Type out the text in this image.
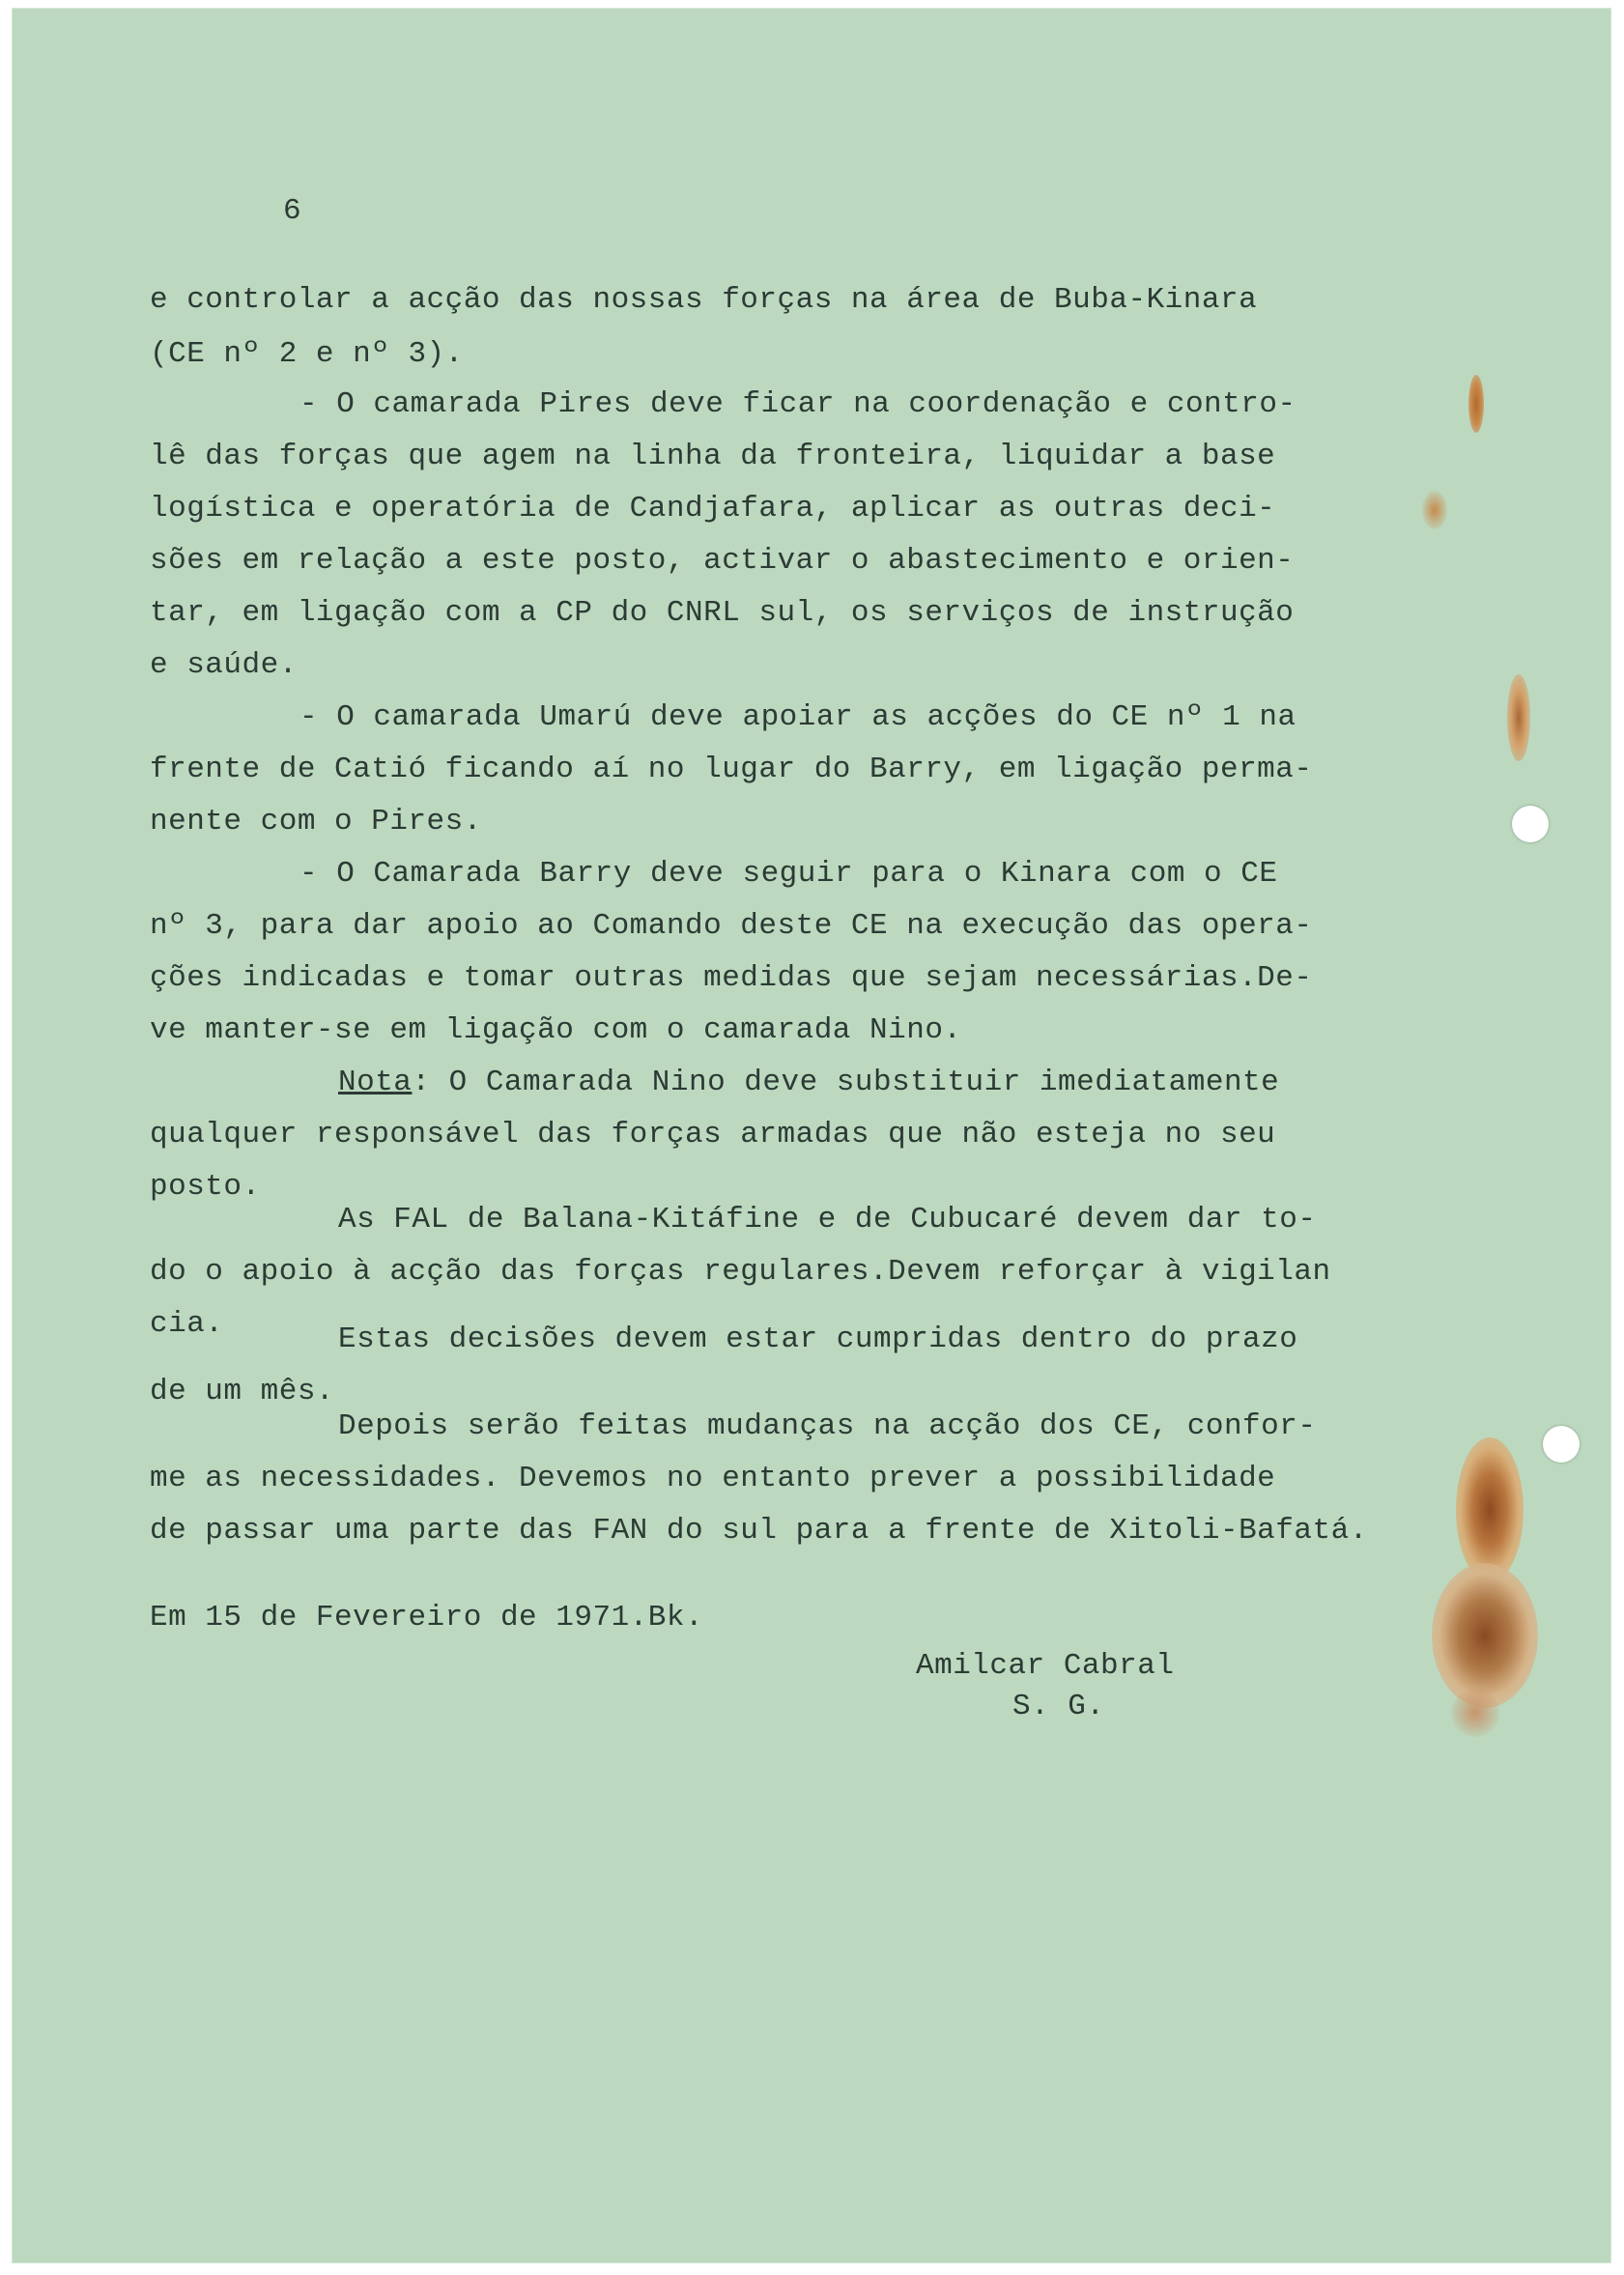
6

e controlar a acção das nossas forças na área de Buba-Kinara

(CE nº 2 e nº 3).

- O camarada Pires deve ficar na coordenação e contro-

lê das forças que agem na linha da fronteira, liquidar a base

logística e operatória de Candjafara, aplicar as outras deci-

sões em relação a este posto, activar o abastecimento e orien-

tar, em ligação com a CP do CNRL sul, os serviços de instrução

e saúde.

- O camarada Umarú deve apoiar as acções do CE nº 1 na

frente de Catió ficando aí no lugar do Barry, em ligação perma-

nente com o Pires.

- O Camarada Barry deve seguir para o Kinara com o CE

nº 3, para dar apoio ao Comando deste CE na execução das opera-

ções indicadas e tomar outras medidas que sejam necessárias.De-

ve manter-se em ligação com o camarada Nino.

Nota: O Camarada Nino deve substituir imediatamente

qualquer responsável das forças armadas que não esteja no seu

posto.

As FAL de Balana-Kitáfine e de Cubucaré devem dar to-

do o apoio à acção das forças regulares.Devem reforçar à vigilan

cia.

	Estas decisões devem estar cumpridas dentro do prazo

de um mês.

Depois serão feitas mudanças na acção dos CE, confor-

me as necessidades. Devemos no entanto prever a possibilidade

de passar uma parte das FAN do sul para a frente de Xitoli-Bafatá.

Em 15 de Fevereiro de 1971.Bk.

Amilcar Cabral

S. G.
